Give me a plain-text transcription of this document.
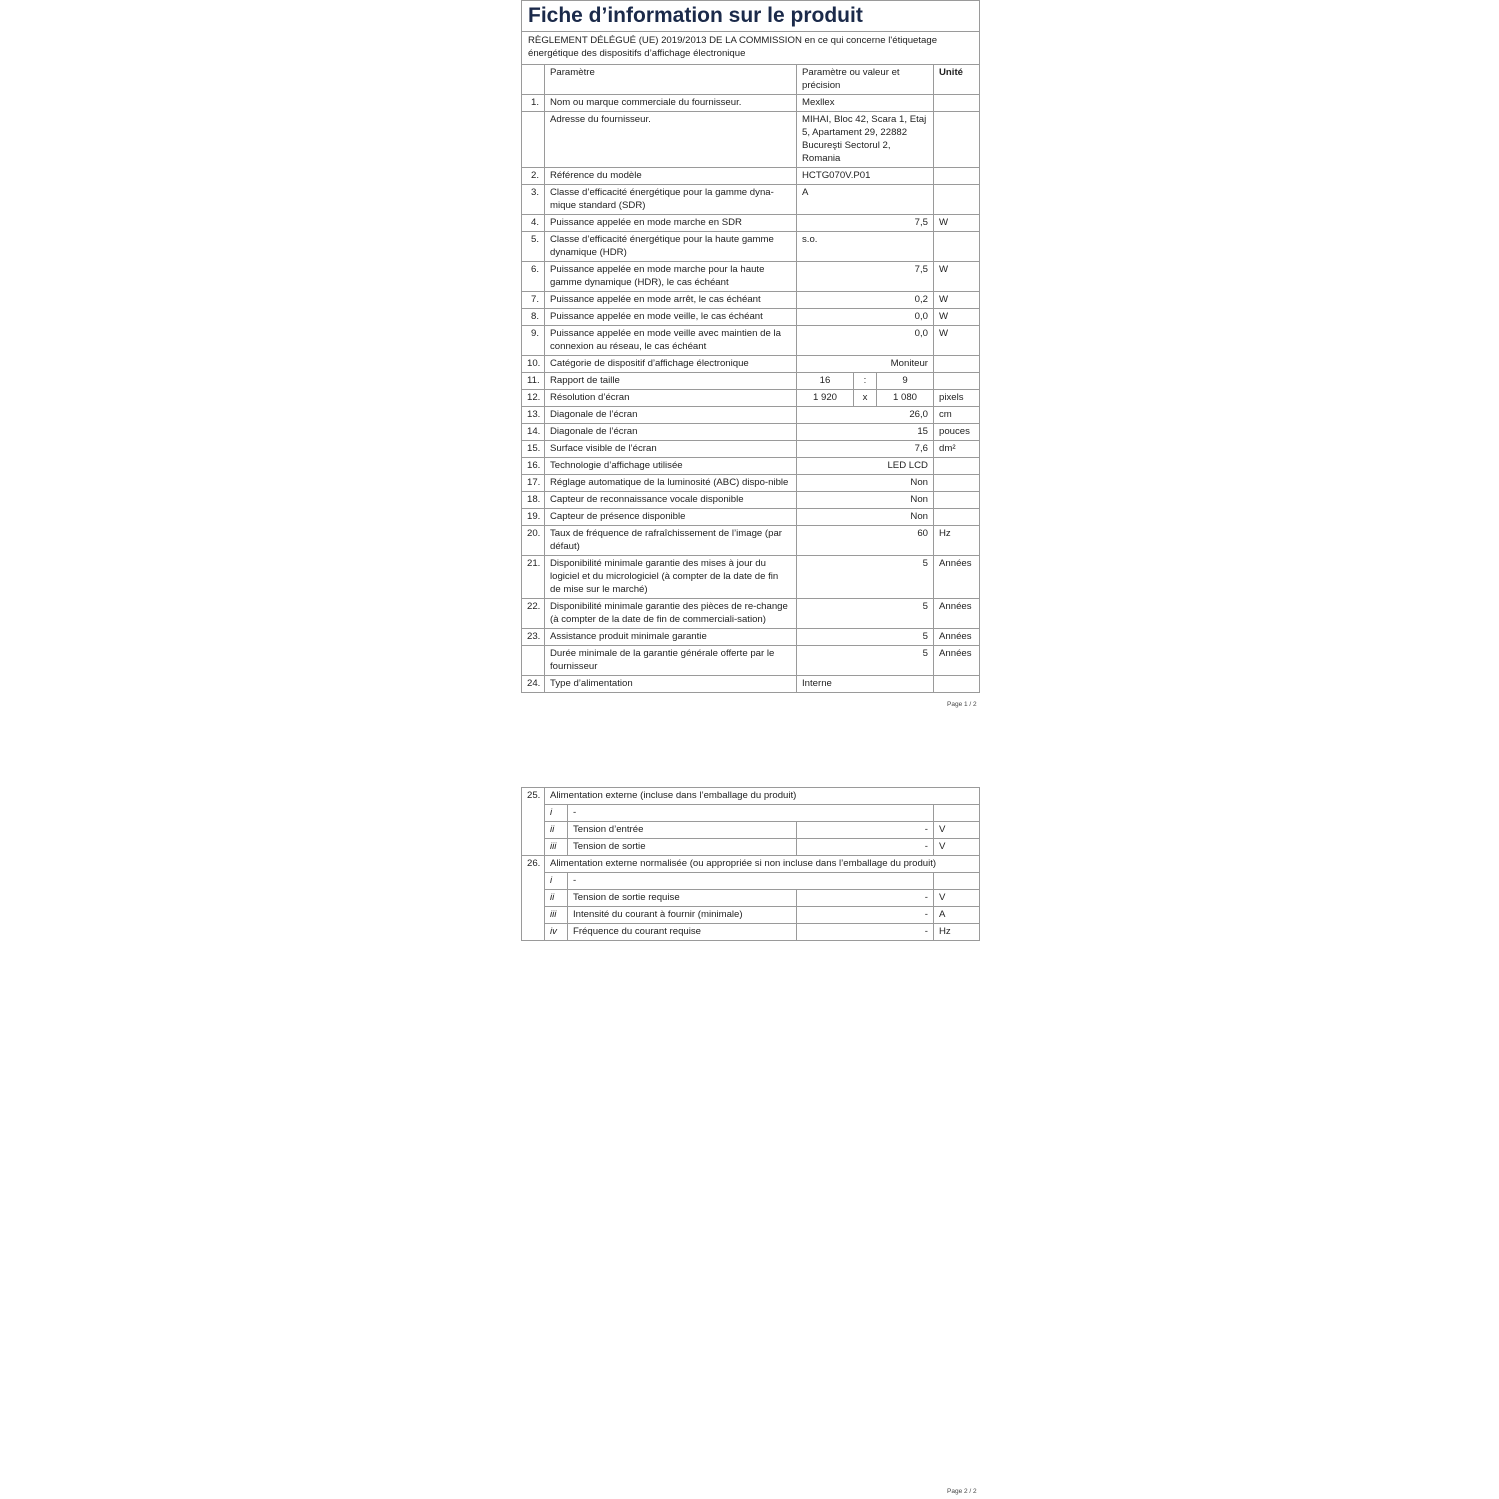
Fiche d’information sur le produit					
RÈGLEMENT DÉLÉGUÉ (UE) 2019/2013 DE LA COMMISSION en ce qui concerne l'étiquetage énergétique des dispositifs d’affichage électronique					
	Paramètre	Paramètre ou valeur et précision			Unité
1.	Nom ou marque commerciale du fournisseur.	Mexllex			
	Adresse du fournisseur.	MIHAI, Bloc 42, Scara 1, Etaj 5, Apartament 29, 22882 Bucureşti Sectorul 2, Romania			
2.	Référence du modèle	HCTG070V.P01			
3.	Classe d’efficacité énergétique pour la gamme dyna-mique standard (SDR)	A			
4.	Puissance appelée en mode marche en SDR	7,5			W
5.	Classe d’efficacité énergétique pour la haute gamme dynamique (HDR)	s.o.			
6.	Puissance appelée en mode marche pour la haute gamme dynamique (HDR), le cas échéant	7,5			W
7.	Puissance appelée en mode arrêt, le cas échéant	0,2			W
8.	Puissance appelée en mode veille, le cas échéant	0,0			W
9.	Puissance appelée en mode veille avec maintien de la connexion au réseau, le cas échéant	0,0			W
10.	Catégorie de dispositif d’affichage électronique	Moniteur			
11.	Rapport de taille	16	:	9	
12.	Résolution d’écran	1 920	x	1 080	pixels
13.	Diagonale de l’écran	26,0			cm
14.	Diagonale de l’écran	15			pouces
15.	Surface visible de l’écran	7,6			dm²
16.	Technologie d’affichage utilisée	LED LCD			
17.	Réglage automatique de la luminosité (ABC) dispo-nible	Non			
18.	Capteur de reconnaissance vocale disponible	Non			
19.	Capteur de présence disponible	Non			
20.	Taux de fréquence de rafraîchissement de l’image (par défaut)	60			Hz
21.	Disponibilité minimale garantie des mises à jour du logiciel et du micrologiciel (à compter de la date de fin de mise sur le marché)	5			Années
22.	Disponibilité minimale garantie des pièces de re-change (à compter de la date de fin de commerciali-sation)	5			Années
23.	Assistance produit minimale garantie	5			Années
	Durée minimale de la garantie générale offerte par le fournisseur	5			Années
24.	Type d’alimentation	Interne			
Page 1 / 2
25.	Alimentation externe (incluse dans l’emballage du produit)			
	i	-		
	ii	Tension d’entrée	-	V
	iii	Tension de sortie	-	V
26.	Alimentation externe normalisée (ou appropriée si non incluse dans l’emballage du produit)			
	i	-		
	ii	Tension de sortie requise	-	V
	iii	Intensité du courant à fournir (minimale)	-	A
	iv	Fréquence du courant requise	-	Hz
Page 2 / 2
